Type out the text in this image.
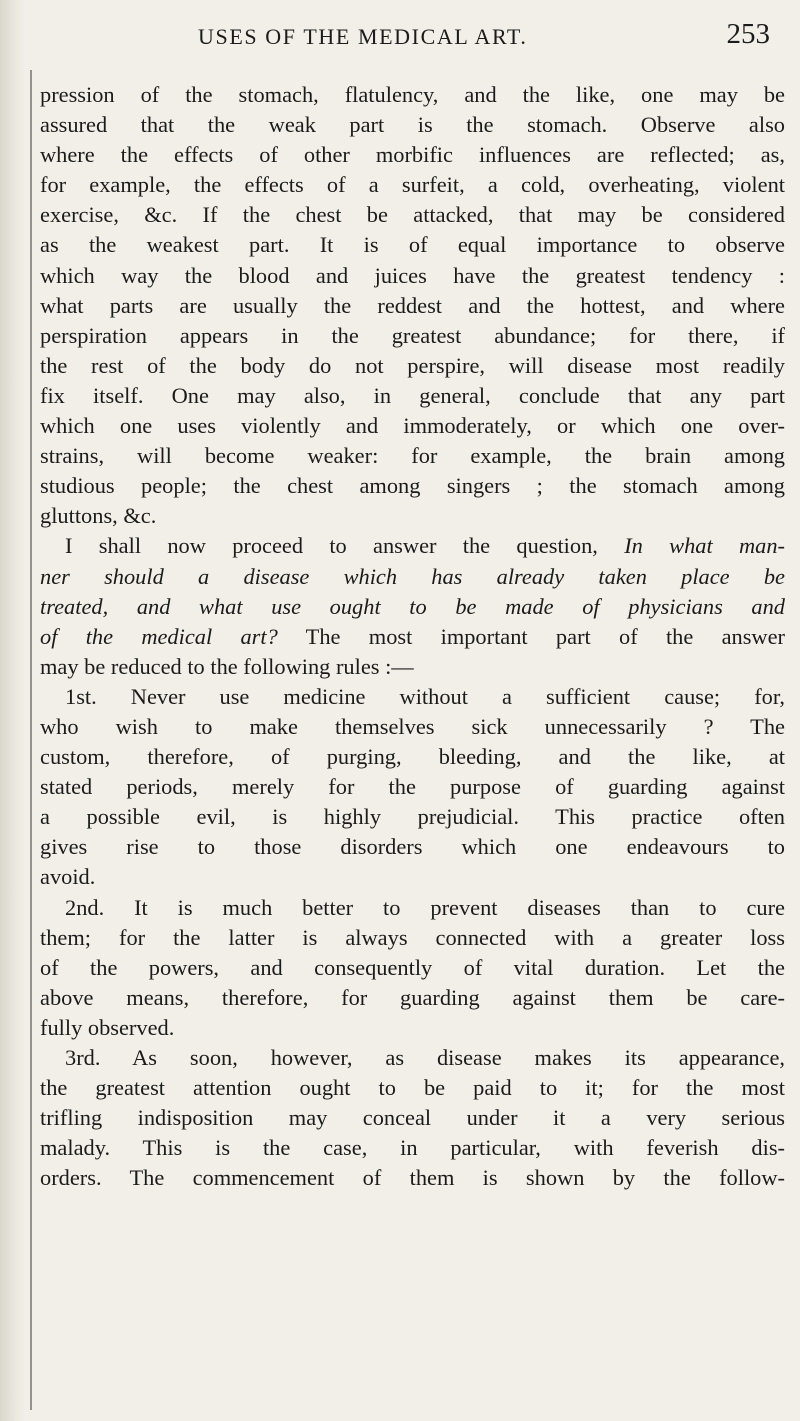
USES OF THE MEDICAL ART.	253
pression of the stomach, flatulency, and the like, one may be
assured that the weak part is the stomach. Observe also
where the effects of other morbific influences are reflected; as,
for example, the effects of a surfeit, a cold, overheating, violent
exercise, &c. If the chest be attacked, that may be considered
as the weakest part. It is of equal importance to observe
which way the blood and juices have the greatest tendency :
what parts are usually the reddest and the hottest, and where
perspiration appears in the greatest abundance; for there, if
the rest of the body do not perspire, will disease most readily
fix itself. One may also, in general, conclude that any part
which one uses violently and immoderately, or which one over-
strains, will become weaker: for example, the brain among
studious people; the chest among singers ; the stomach among
gluttons, &c.
I shall now proceed to answer the question, In what man-
ner should a disease which has already taken place be
treated, and what use ought to be made of physicians and
of the medical art? The most important part of the answer
may be reduced to the following rules :—
1st. Never use medicine without a sufficient cause; for,
who wish to make themselves sick unnecessarily ? The
custom, therefore, of purging, bleeding, and the like, at
stated periods, merely for the purpose of guarding against
a possible evil, is highly prejudicial. This practice often
gives rise to those disorders which one endeavours to
avoid.
2nd. It is much better to prevent diseases than to cure
them; for the latter is always connected with a greater loss
of the powers, and consequently of vital duration. Let the
above means, therefore, for guarding against them be care-
fully observed.
3rd. As soon, however, as disease makes its appearance,
the greatest attention ought to be paid to it; for the most
trifling indisposition may conceal under it a very serious
malady. This is the case, in particular, with feverish dis-
orders. The commencement of them is shown by the follow-
